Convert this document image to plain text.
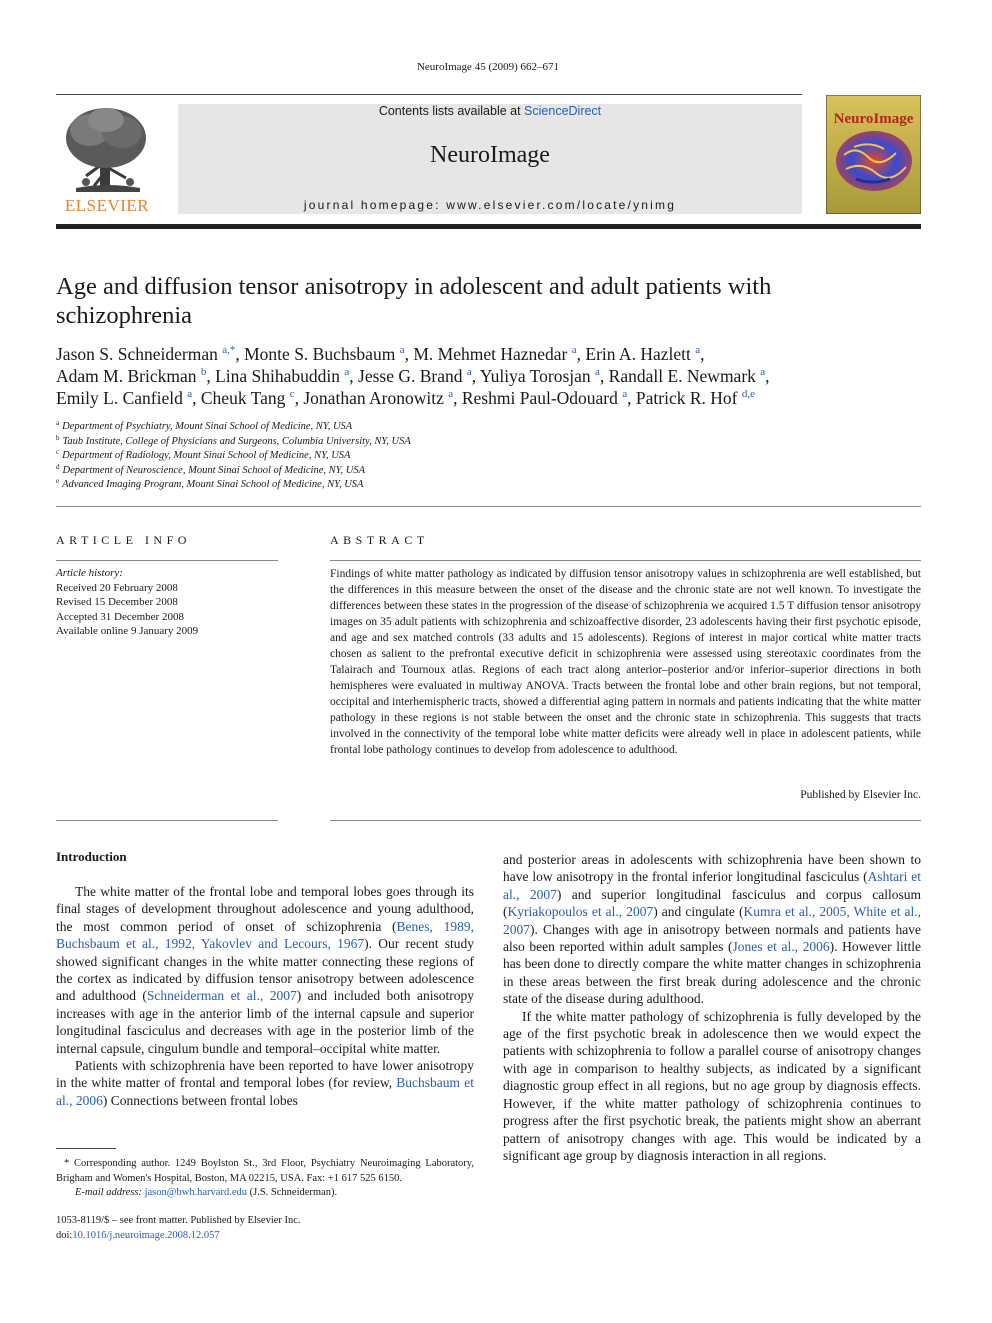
NeuroImage 45 (2009) 662–671
ELSEVIER
Contents lists available at ScienceDirect
NeuroImage
journal homepage: www.elsevier.com/locate/ynimg
NeuroImage
Age and diffusion tensor anisotropy in adolescent and adult patients with schizophrenia
Jason S. Schneiderman $^{a,*}$, Monte S. Buchsbaum $^a$, M. Mehmet Haznedar $^a$, Erin A. Hazlett $^a$,
Adam M. Brickman $^b$, Lina Shihabuddin $^a$, Jesse G. Brand $^a$, Yuliya Torosjan $^a$, Randall E. Newmark $^a$,
Emily L. Canfield $^a$, Cheuk Tang $^c$, Jonathan Aronowitz $^a$, Reshmi Paul-Odouard $^a$, Patrick R. Hof $^{d,e}$
$^a$ Department of Psychiatry, Mount Sinai School of Medicine, NY, USA
$^b$ Taub Institute, College of Physicians and Surgeons, Columbia University, NY, USA
$^c$ Department of Radiology, Mount Sinai School of Medicine, NY, USA
$^d$ Department of Neuroscience, Mount Sinai School of Medicine, NY, USA
$^e$ Advanced Imaging Program, Mount Sinai School of Medicine, NY, USA
ARTICLE INFO
Article history:
Received 20 February 2008
Revised 15 December 2008
Accepted 31 December 2008
Available online 9 January 2009
ABSTRACT
Findings of white matter pathology as indicated by diffusion tensor anisotropy values in schizophrenia are well established, but the differences in this measure between the onset of the disease and the chronic state are not well known. To investigate the differences between these states in the progression of the disease of schizophrenia we acquired 1.5 T diffusion tensor anisotropy images on 35 adult patients with schizophrenia and schizoaffective disorder, 23 adolescents having their first psychotic episode, and age and sex matched controls (33 adults and 15 adolescents). Regions of interest in major cortical white matter tracts chosen as salient to the prefrontal executive deficit in schizophrenia were assessed using stereotaxic coordinates from the Talairach and Tournoux atlas. Regions of each tract along anterior–posterior and/or inferior–superior directions in both hemispheres were evaluated in multiway ANOVA. Tracts between the frontal lobe and other brain regions, but not temporal, occipital and interhemispheric tracts, showed a differential aging pattern in normals and patients indicating that the white matter pathology in these regions is not stable between the onset and the chronic state in schizophrenia. This suggests that tracts involved in the connectivity of the temporal lobe white matter deficits were already well in place in adolescent patients, while frontal lobe pathology continues to develop from adolescence to adulthood.
Published by Elsevier Inc.
Introduction

The white matter of the frontal lobe and temporal lobes goes through its final stages of development throughout adolescence and young adulthood, the most common period of onset of schizophrenia (Benes, 1989, Buchsbaum et al., 1992, Yakovlev and Lecours, 1967). Our recent study showed significant changes in the white matter connecting these regions of the cortex as indicated by diffusion tensor anisotropy between adolescence and adulthood (Schneiderman et al., 2007) and included both anisotropy increases with age in the anterior limb of the internal capsule and superior longitudinal fasciculus and decreases with age in the posterior limb of the internal capsule, cingulum bundle and temporal–occipital white matter.

Patients with schizophrenia have been reported to have lower anisotropy in the white matter of frontal and temporal lobes (for review, Buchsbaum et al., 2006) Connections between frontal lobes

and posterior areas in adolescents with schizophrenia have been shown to have low anisotropy in the frontal inferior longitudinal fasciculus (Ashtari et al., 2007) and superior longitudinal fasciculus and corpus callosum (Kyriakopoulos et al., 2007) and cingulate (Kumra et al., 2005, White et al., 2007). Changes with age in anisotropy between normals and patients have also been reported within adult samples (Jones et al., 2006). However little has been done to directly compare the white matter changes in schizophrenia in these areas between the first break during adolescence and the chronic state of the disease during adulthood.

If the white matter pathology of schizophrenia is fully developed by the age of the first psychotic break in adolescence then we would expect the patients with schizophrenia to follow a parallel course of anisotropy changes with age in comparison to healthy subjects, as indicated by a significant diagnostic group effect in all regions, but no age group by diagnosis effects. However, if the white matter pathology of schizophrenia continues to progress after the first psychotic break, the patients might show an aberrant pattern of anisotropy changes with age. This would be indicated by a significant age group by diagnosis interaction in all regions.

* Corresponding author. 1249 Boylston St., 3rd Floor, Psychiatry Neuroimaging Laboratory, Brigham and Women's Hospital, Boston, MA 02215, USA. Fax: +1 617 525 6150.
E-mail address: jason@bwh.harvard.edu (J.S. Schneiderman).
1053-8119/$ – see front matter. Published by Elsevier Inc.
doi:10.1016/j.neuroimage.2008.12.057
